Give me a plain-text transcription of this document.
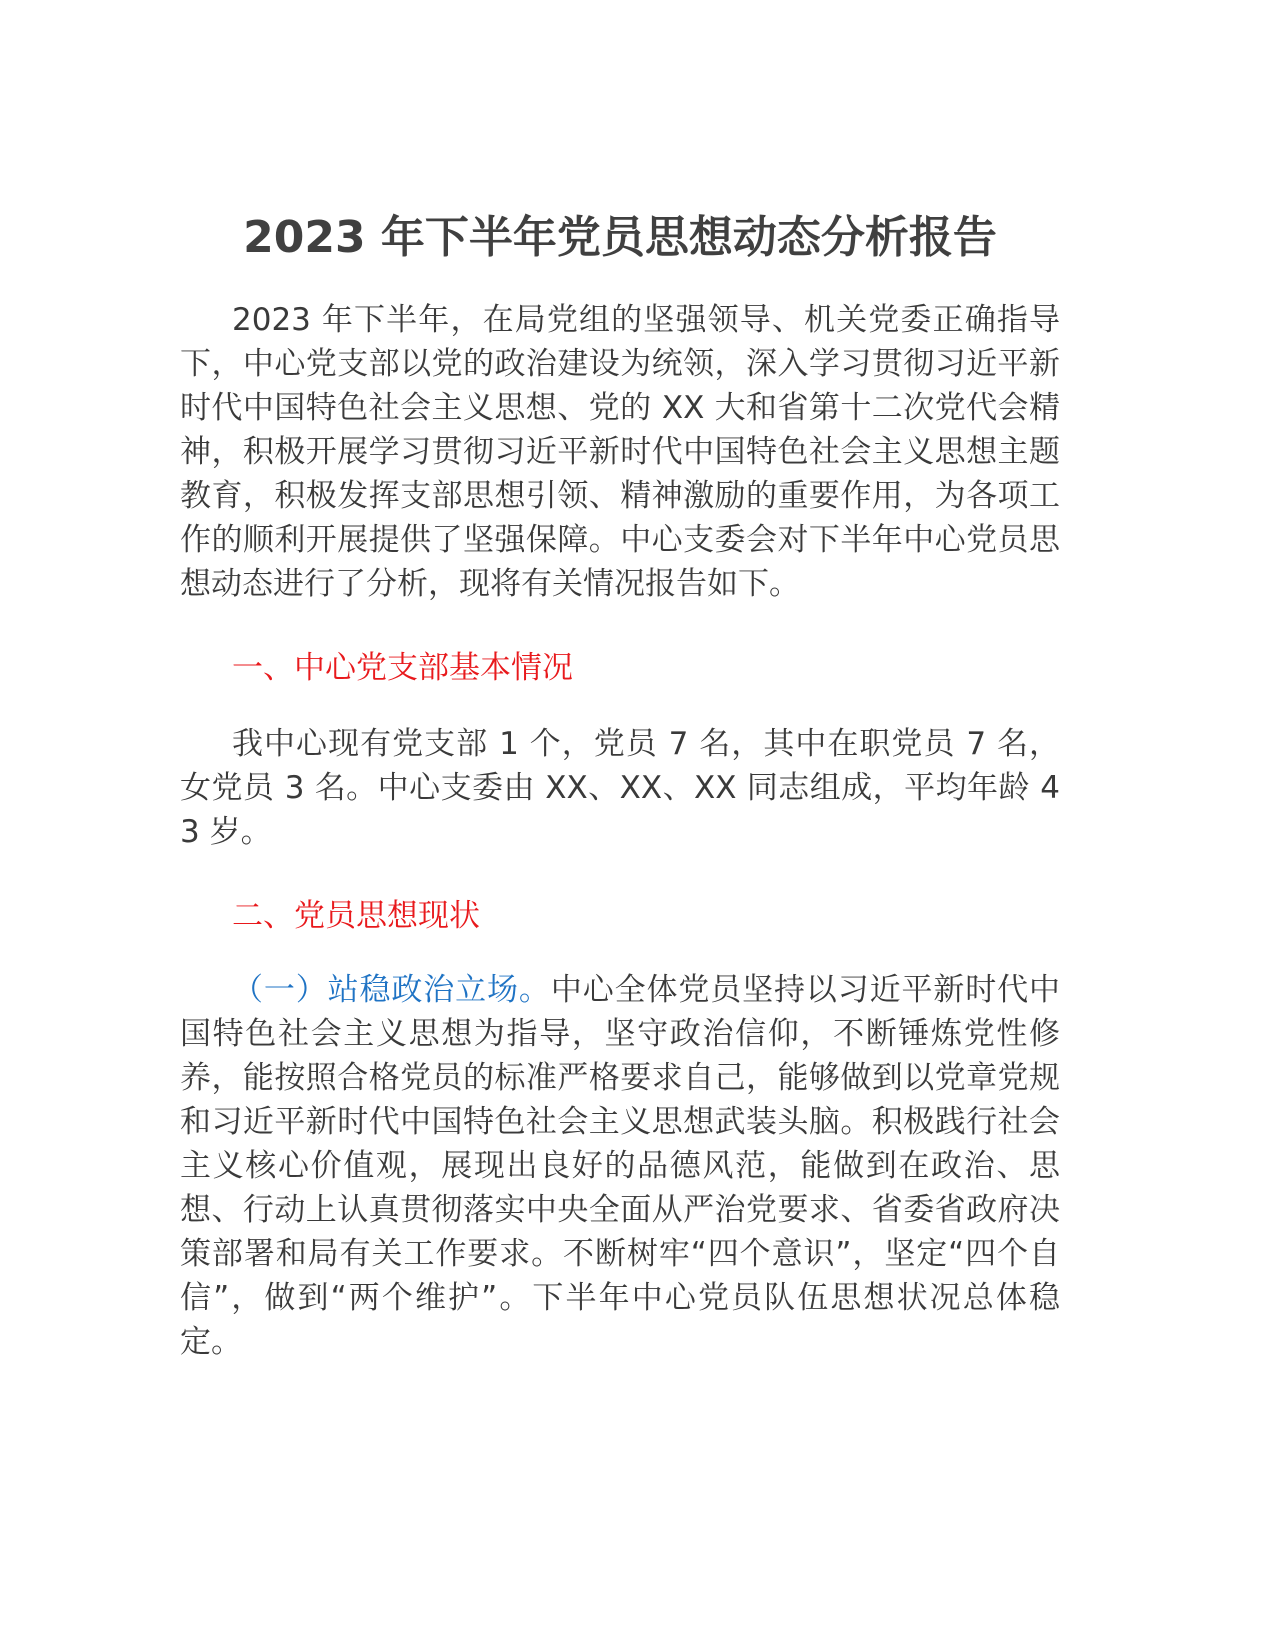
2023 年下半年党员思想动态分析报告

2023 年下半年，在局党组的坚强领导、机关党委正确指导下，中心党支部以党的政治建设为统领，深入学习贯彻习近平新时代中国特色社会主义思想、党的 XX 大和省第十二次党代会精神，积极开展学习贯彻习近平新时代中国特色社会主义思想主题教育，积极发挥支部思想引领、精神激励的重要作用，为各项工作的顺利开展提供了坚强保障。中心支委会对下半年中心党员思想动态进行了分析，现将有关情况报告如下。

一、中心党支部基本情况

我中心现有党支部 1 个，党员 7 名，其中在职党员 7 名，女党员 3 名。中心支委由 XX、XX、XX 同志组成，平均年龄 43 岁。

二、党员思想现状

（一）站稳政治立场。中心全体党员坚持以习近平新时代中国特色社会主义思想为指导，坚守政治信仰，不断锤炼党性修养，能按照合格党员的标准严格要求自己，能够做到以党章党规和习近平新时代中国特色社会主义思想武装头脑。积极践行社会主义核心价值观，展现出良好的品德风范，能做到在政治、思想、行动上认真贯彻落实中央全面从严治党要求、省委省政府决策部署和局有关工作要求。不断树牢“四个意识”，坚定“四个自信”，做到“两个维护”。下半年中心党员队伍思想状况总体稳定。
